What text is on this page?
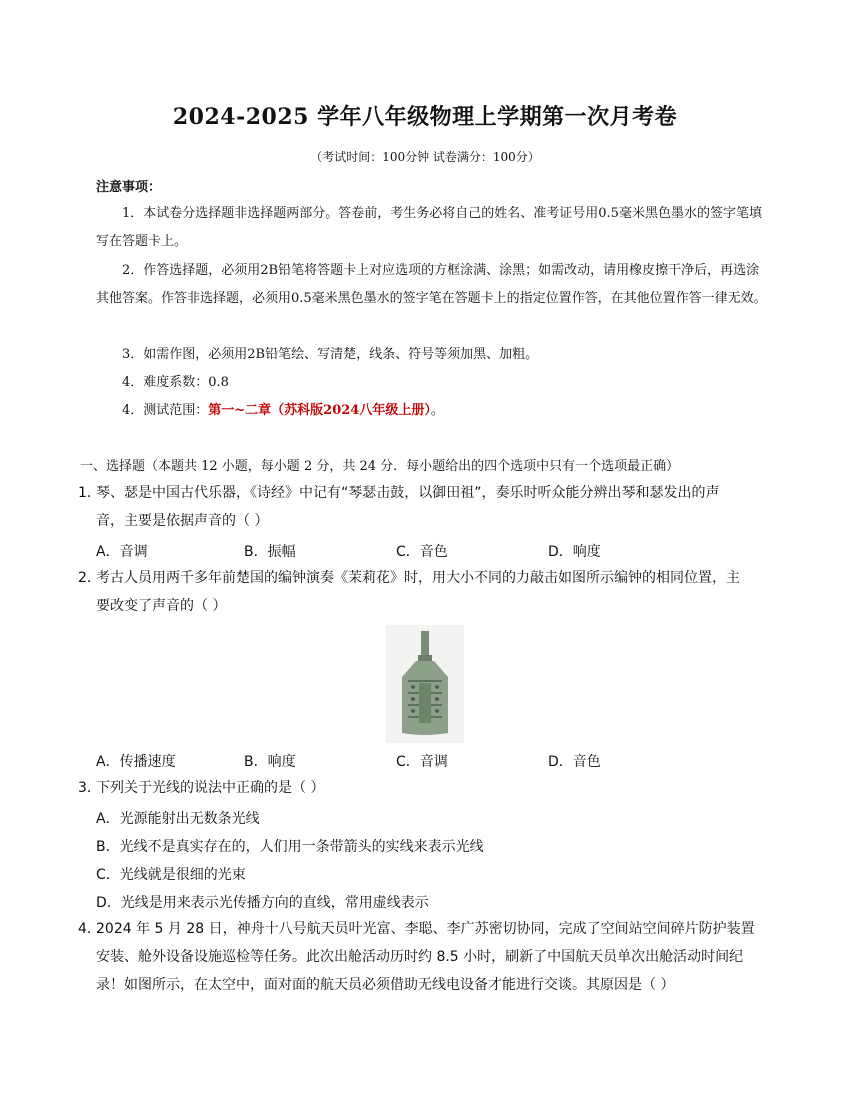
2024-2025 学年八年级物理上学期第一次月考卷
（考试时间：100分钟 试卷满分：100分）
注意事项：
1．本试卷分选择题非选择题两部分。答卷前，考生务必将自己的姓名、准考证号用0.5毫米黑色墨水的签字笔填写在答题卡上。
2．作答选择题，必须用2B铅笔将答题卡上对应选项的方框涂满、涂黑；如需改动，请用橡皮擦干净后，再选涂其他答案。作答非选择题，必须用0.5毫米黑色墨水的签字笔在答题卡上的指定位置作答，在其他位置作答一律无效。
3．如需作图，必须用2B铅笔绘、写清楚，线条、符号等须加黑、加粗。
4．难度系数：0.8
4．测试范围：第一~二章（苏科版2024八年级上册）。
一、选择题（本题共 12 小题，每小题 2 分，共 24 分．每小题给出的四个选项中只有一个选项最正确）
1．琴、瑟是中国古代乐器，《诗经》中记有“琴瑟击鼓，以御田祖”，奏乐时听众能分辨出琴和瑟发出的声
音，主要是依据声音的（ ）
A．音调	B．振幅	C．音色	D．响度
2．考古人员用两千多年前楚国的编钟演奏《茉莉花》时，用大小不同的力敲击如图所示编钟的相同位置，主
要改变了声音的（ ）
A．传播速度	B．响度	C．音调	D．音色
3．下列关于光线的说法中正确的是（ ）
A．光源能射出无数条光线
B．光线不是真实存在的，人们用一条带箭头的实线来表示光线
C．光线就是很细的光束
D．光线是用来表示光传播方向的直线，常用虚线表示
4．2024 年 5 月 28 日，神舟十八号航天员叶光富、李聪、李广苏密切协同，完成了空间站空间碎片防护装置
安装、舱外设备设施巡检等任务。此次出舱活动历时约 8.5 小时，刷新了中国航天员单次出舱活动时间纪
录！如图所示，在太空中，面对面的航天员必须借助无线电设备才能进行交谈。其原因是（ ）
